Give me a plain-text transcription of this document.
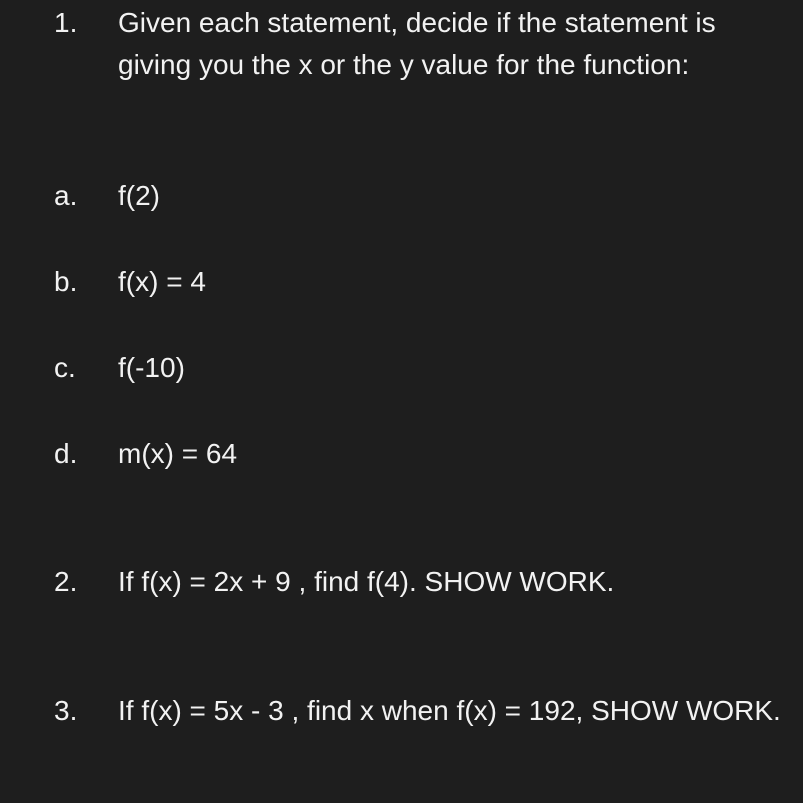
1.	Given each statement, decide if the statement is giving you the x or the y value for the function:
a.	f(2)
b.	f(x) = 4
c.	f(-10)
d.	m(x) = 64
2.	If f(x) = 2x + 9 , find f(4). SHOW WORK.
3.	If f(x) = 5x - 3 , find x when f(x) = 192, SHOW WORK.
